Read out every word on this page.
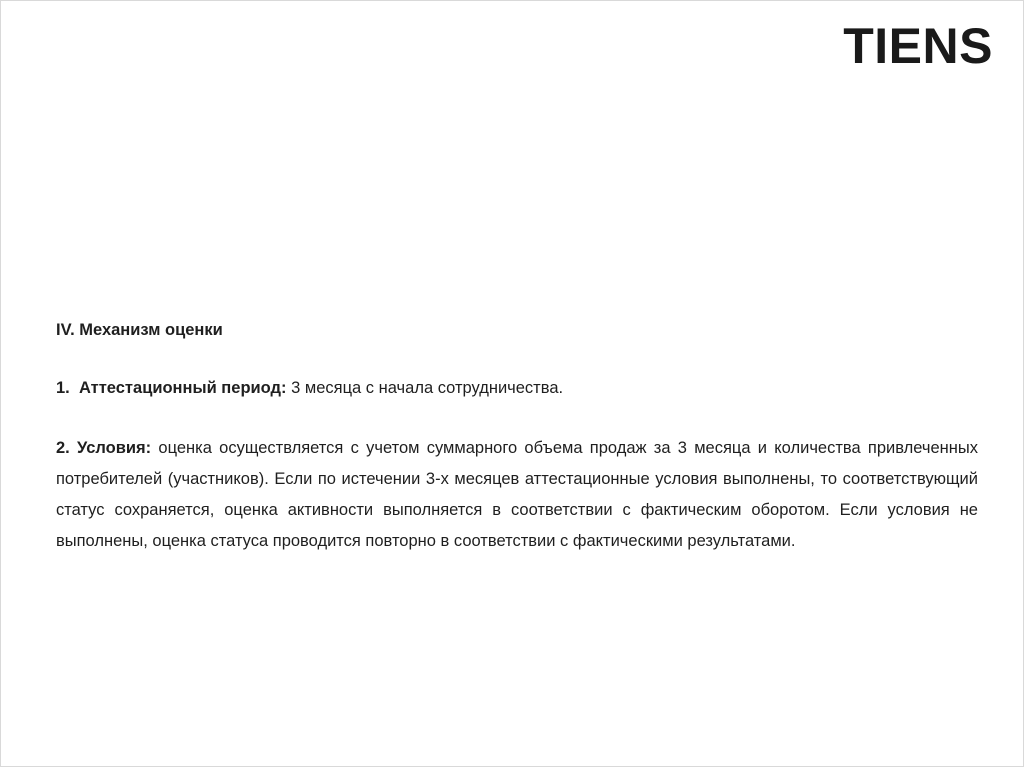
TIENS

IV. Механизм оценки

1. Аттестационный период: 3 месяца с начала сотрудничества.

2. Условия: оценка осуществляется с учетом суммарного объема продаж за 3 месяца и количества привлеченных потребителей (участников). Если по истечении 3-х месяцев аттестационные условия выполнены, то соответствующий статус сохраняется, оценка активности выполняется в соответствии с фактическим оборотом. Если условия не выполнены, оценка статуса проводится повторно в соответствии с фактическими результатами.
